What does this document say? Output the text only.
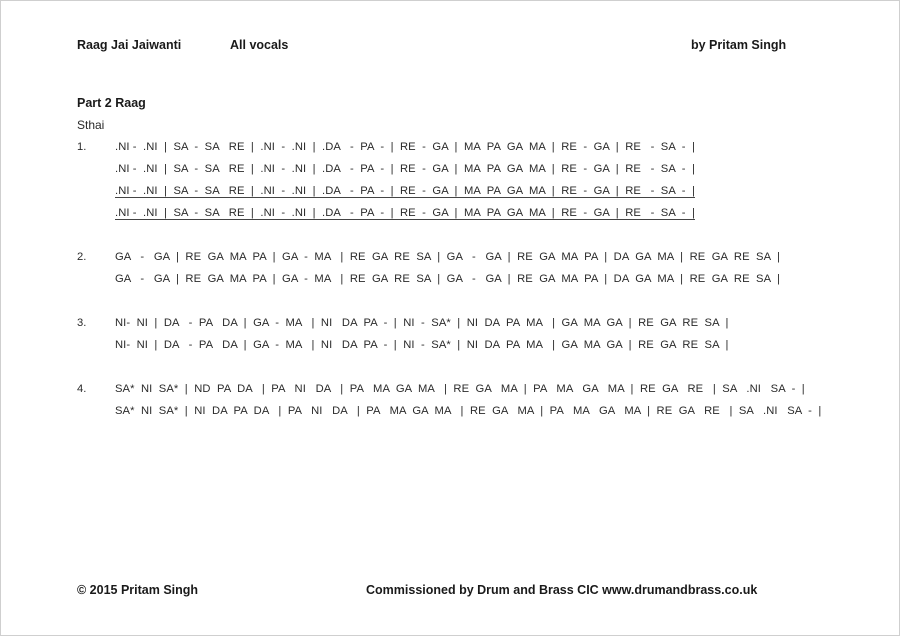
Raag Jai Jaiwanti	All vocals	by Pritam Singh
Part 2 Raag
Sthai
1.	.NI -  .NI  |  SA  -  SA   RE  |  .NI  -  .NI  |  .DA   -  PA  -  |  RE  -  GA  |  MA  PA  GA  MA  |  RE  -  GA  |  RE   -  SA  -  |
.NI -  .NI  |  SA  -  SA   RE  |  .NI  -  .NI  |  .DA   -  PA  -  |  RE  -  GA  |  MA  PA  GA  MA  |  RE  -  GA  |  RE   -  SA  -  |
.NI -  .NI  |  SA  -  SA   RE  |  .NI  -  .NI  |  .DA   -  PA  -  |  RE  -  GA  |  MA  PA  GA  MA  |  RE  -  GA  |  RE   -  SA  -  |
.NI -  .NI  |  SA  -  SA   RE  |  .NI  -  .NI  |  .DA   -  PA  -  |  RE  -  GA  |  MA  PA  GA  MA  |  RE  -  GA  |  RE   -  SA  -  |
2.	GA   -   GA  |  RE  GA  MA  PA  |  GA  -  MA   |  RE  GA  RE  SA  |  GA   -   GA  |  RE  GA  MA  PA  |  DA  GA  MA  |  RE  GA  RE  SA  |
GA   -   GA  |  RE  GA  MA  PA  |  GA  -  MA   |  RE  GA  RE  SA  |  GA   -   GA  |  RE  GA  MA  PA  |  DA  GA  MA  |  RE  GA  RE  SA  |
3.	NI-  NI  |  DA   -  PA   DA  |  GA  -  MA   |  NI   DA  PA  -  |  NI  -  SA*  |  NI  DA  PA  MA   |  GA  MA  GA  |  RE  GA  RE  SA  |
NI-  NI  |  DA   -  PA   DA  |  GA  -  MA   |  NI   DA  PA  -  |  NI  -  SA*  |  NI  DA  PA  MA   |  GA  MA  GA  |  RE  GA  RE  SA  |
4.	SA*  NI  SA*  |  ND  PA  DA   |  PA   NI   DA   |  PA   MA  GA  MA   |  RE  GA   MA  |  PA   MA   GA   MA  |  RE  GA   RE   |  SA   .NI   SA  -  |
SA*  NI  SA*  |  NI  DA  PA  DA   |  PA   NI   DA   |  PA   MA  GA  MA   |  RE  GA   MA  |  PA   MA   GA   MA  |  RE  GA   RE   |  SA   .NI   SA  -  |
© 2015 Pritam Singh	Commissioned by Drum and Brass CIC www.drumandbrass.co.uk
